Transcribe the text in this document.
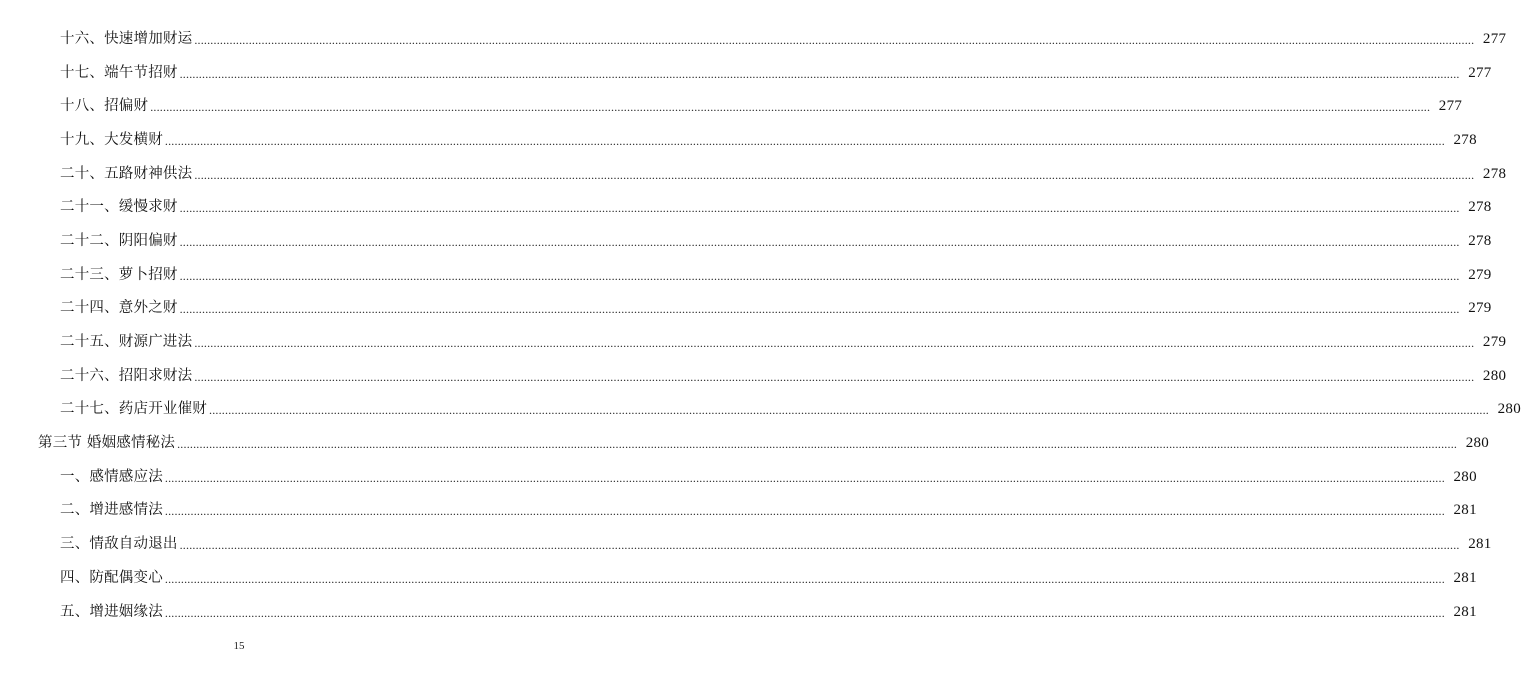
十六、快速增加财运 ................................................................................................................................................................................................................................................................................................................................................................................................................ 277
十七、端午节招财 ................................................................................................................................................................................................................................................................................................................................................................................................................ 277
十八、招偏财 ................................................................................................................................................................................................................................................................................................................................................................................................................ 277
十九、大发横财 ................................................................................................................................................................................................................................................................................................................................................................................................................ 278
二十、五路财神供法 ................................................................................................................................................................................................................................................................................................................................................................................................................ 278
二十一、缓慢求财 ................................................................................................................................................................................................................................................................................................................................................................................................................ 278
二十二、阴阳偏财 ................................................................................................................................................................................................................................................................................................................................................................................................................ 278
二十三、萝卜招财 ................................................................................................................................................................................................................................................................................................................................................................................................................ 279
二十四、意外之财 ................................................................................................................................................................................................................................................................................................................................................................................................................ 279
二十五、财源广进法 ................................................................................................................................................................................................................................................................................................................................................................................................................ 279
二十六、招阳求财法 ................................................................................................................................................................................................................................................................................................................................................................................................................ 280
二十七、药店开业催财 ................................................................................................................................................................................................................................................................................................................................................................................................................ 280
第三节 婚姻感情秘法 ................................................................................................................................................................................................................................................................................................................................................................................................................ 280
一、感情感应法 ................................................................................................................................................................................................................................................................................................................................................................................................................ 280
二、增进感情法 ................................................................................................................................................................................................................................................................................................................................................................................................................ 281
三、情敌自动退出 ................................................................................................................................................................................................................................................................................................................................................................................................................ 281
四、防配偶变心 ................................................................................................................................................................................................................................................................................................................................................................................................................ 281
五、增进姻缘法 ................................................................................................................................................................................................................................................................................................................................................................................................................ 281
15
